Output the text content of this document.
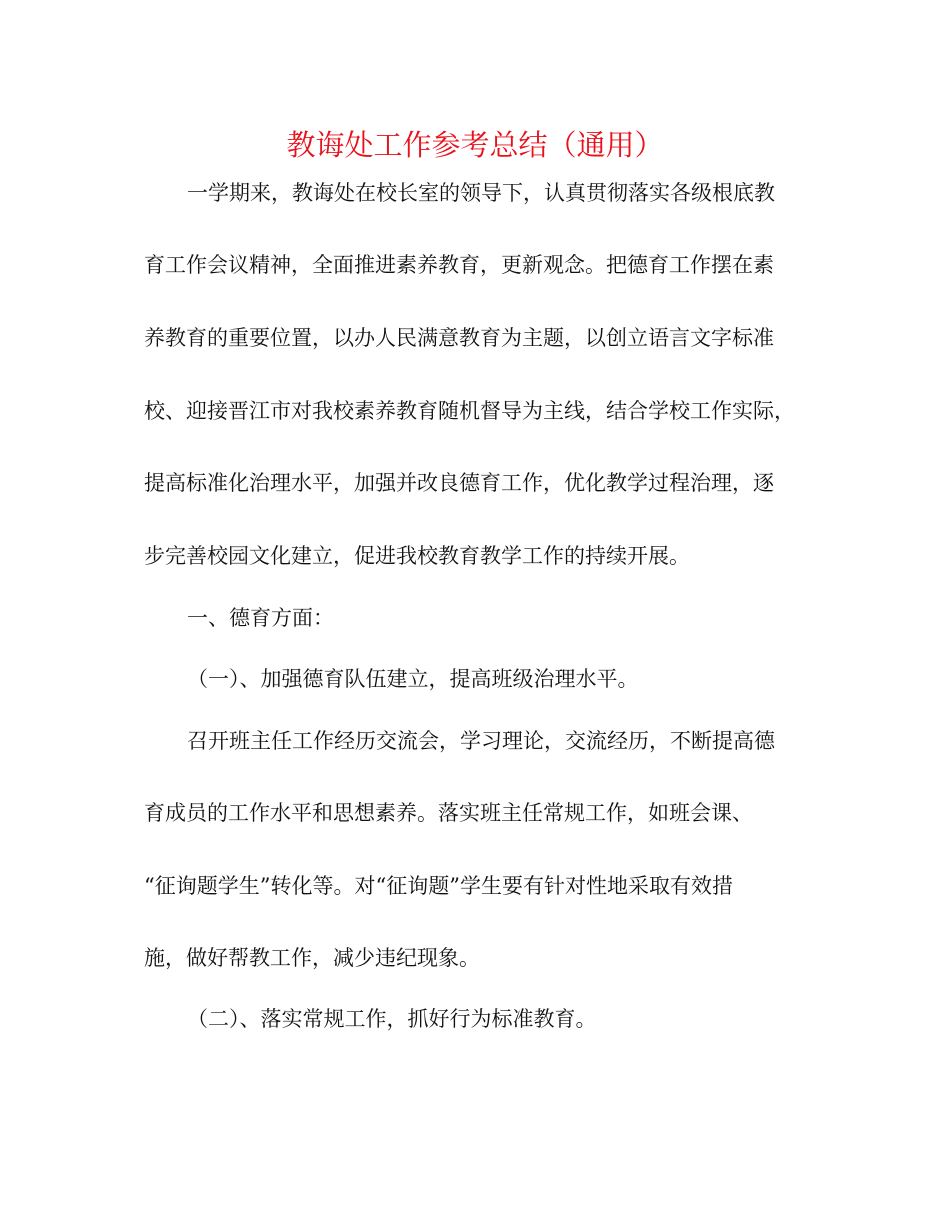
教诲处工作参考总结（通用）

一学期来，教诲处在校长室的领导下，认真贯彻落实各级根底教

育工作会议精神，全面推进素养教育，更新观念。把德育工作摆在素

养教育的重要位置，以办人民满意教育为主题，以创立语言文字标准

校、迎接晋江市对我校素养教育随机督导为主线，结合学校工作实际，

提高标准化治理水平，加强并改良德育工作，优化教学过程治理，逐

步完善校园文化建立，促进我校教育教学工作的持续开展。

一、德育方面：

（一）、加强德育队伍建立，提高班级治理水平。

召开班主任工作经历交流会，学习理论，交流经历，不断提高德

育成员的工作水平和思想素养。落实班主任常规工作，如班会课、

“征询题学生”转化等。对“征询题”学生要有针对性地采取有效措

施，做好帮教工作，减少违纪现象。

（二）、落实常规工作，抓好行为标准教育。
